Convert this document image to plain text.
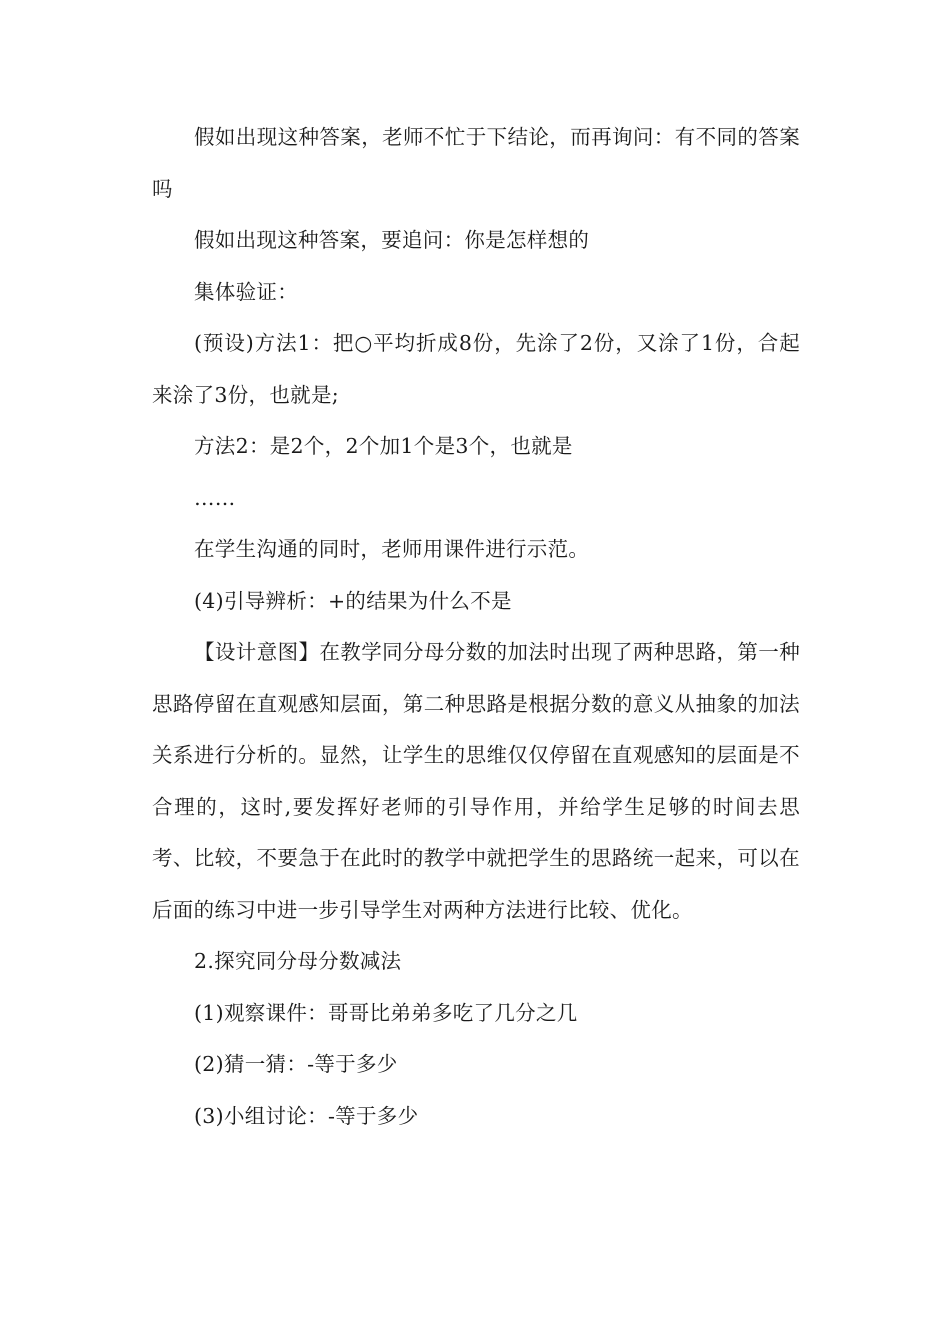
假如出现这种答案，老师不忙于下结论，而再询问：有不同的答案吗

假如出现这种答案，要追问：你是怎样想的

集体验证：

(预设)方法1：把○平均折成8份，先涂了2份，又涂了1份，合起来涂了3份，也就是;

方法2：是2个，2个加1个是3个，也就是

……

在学生沟通的同时，老师用课件进行示范。

(4)引导辨析：+的结果为什么不是

【设计意图】在教学同分母分数的加法时出现了两种思路，第一种思路停留在直观感知层面，第二种思路是根据分数的意义从抽象的加法关系进行分析的。显然，让学生的思维仅仅停留在直观感知的层面是不合理的，这时,要发挥好老师的引导作用，并给学生足够的时间去思考、比较，不要急于在此时的教学中就把学生的思路统一起来，可以在后面的练习中进一步引导学生对两种方法进行比较、优化。

2.探究同分母分数减法

(1)观察课件：哥哥比弟弟多吃了几分之几

(2)猜一猜：-等于多少

(3)小组讨论：-等于多少
